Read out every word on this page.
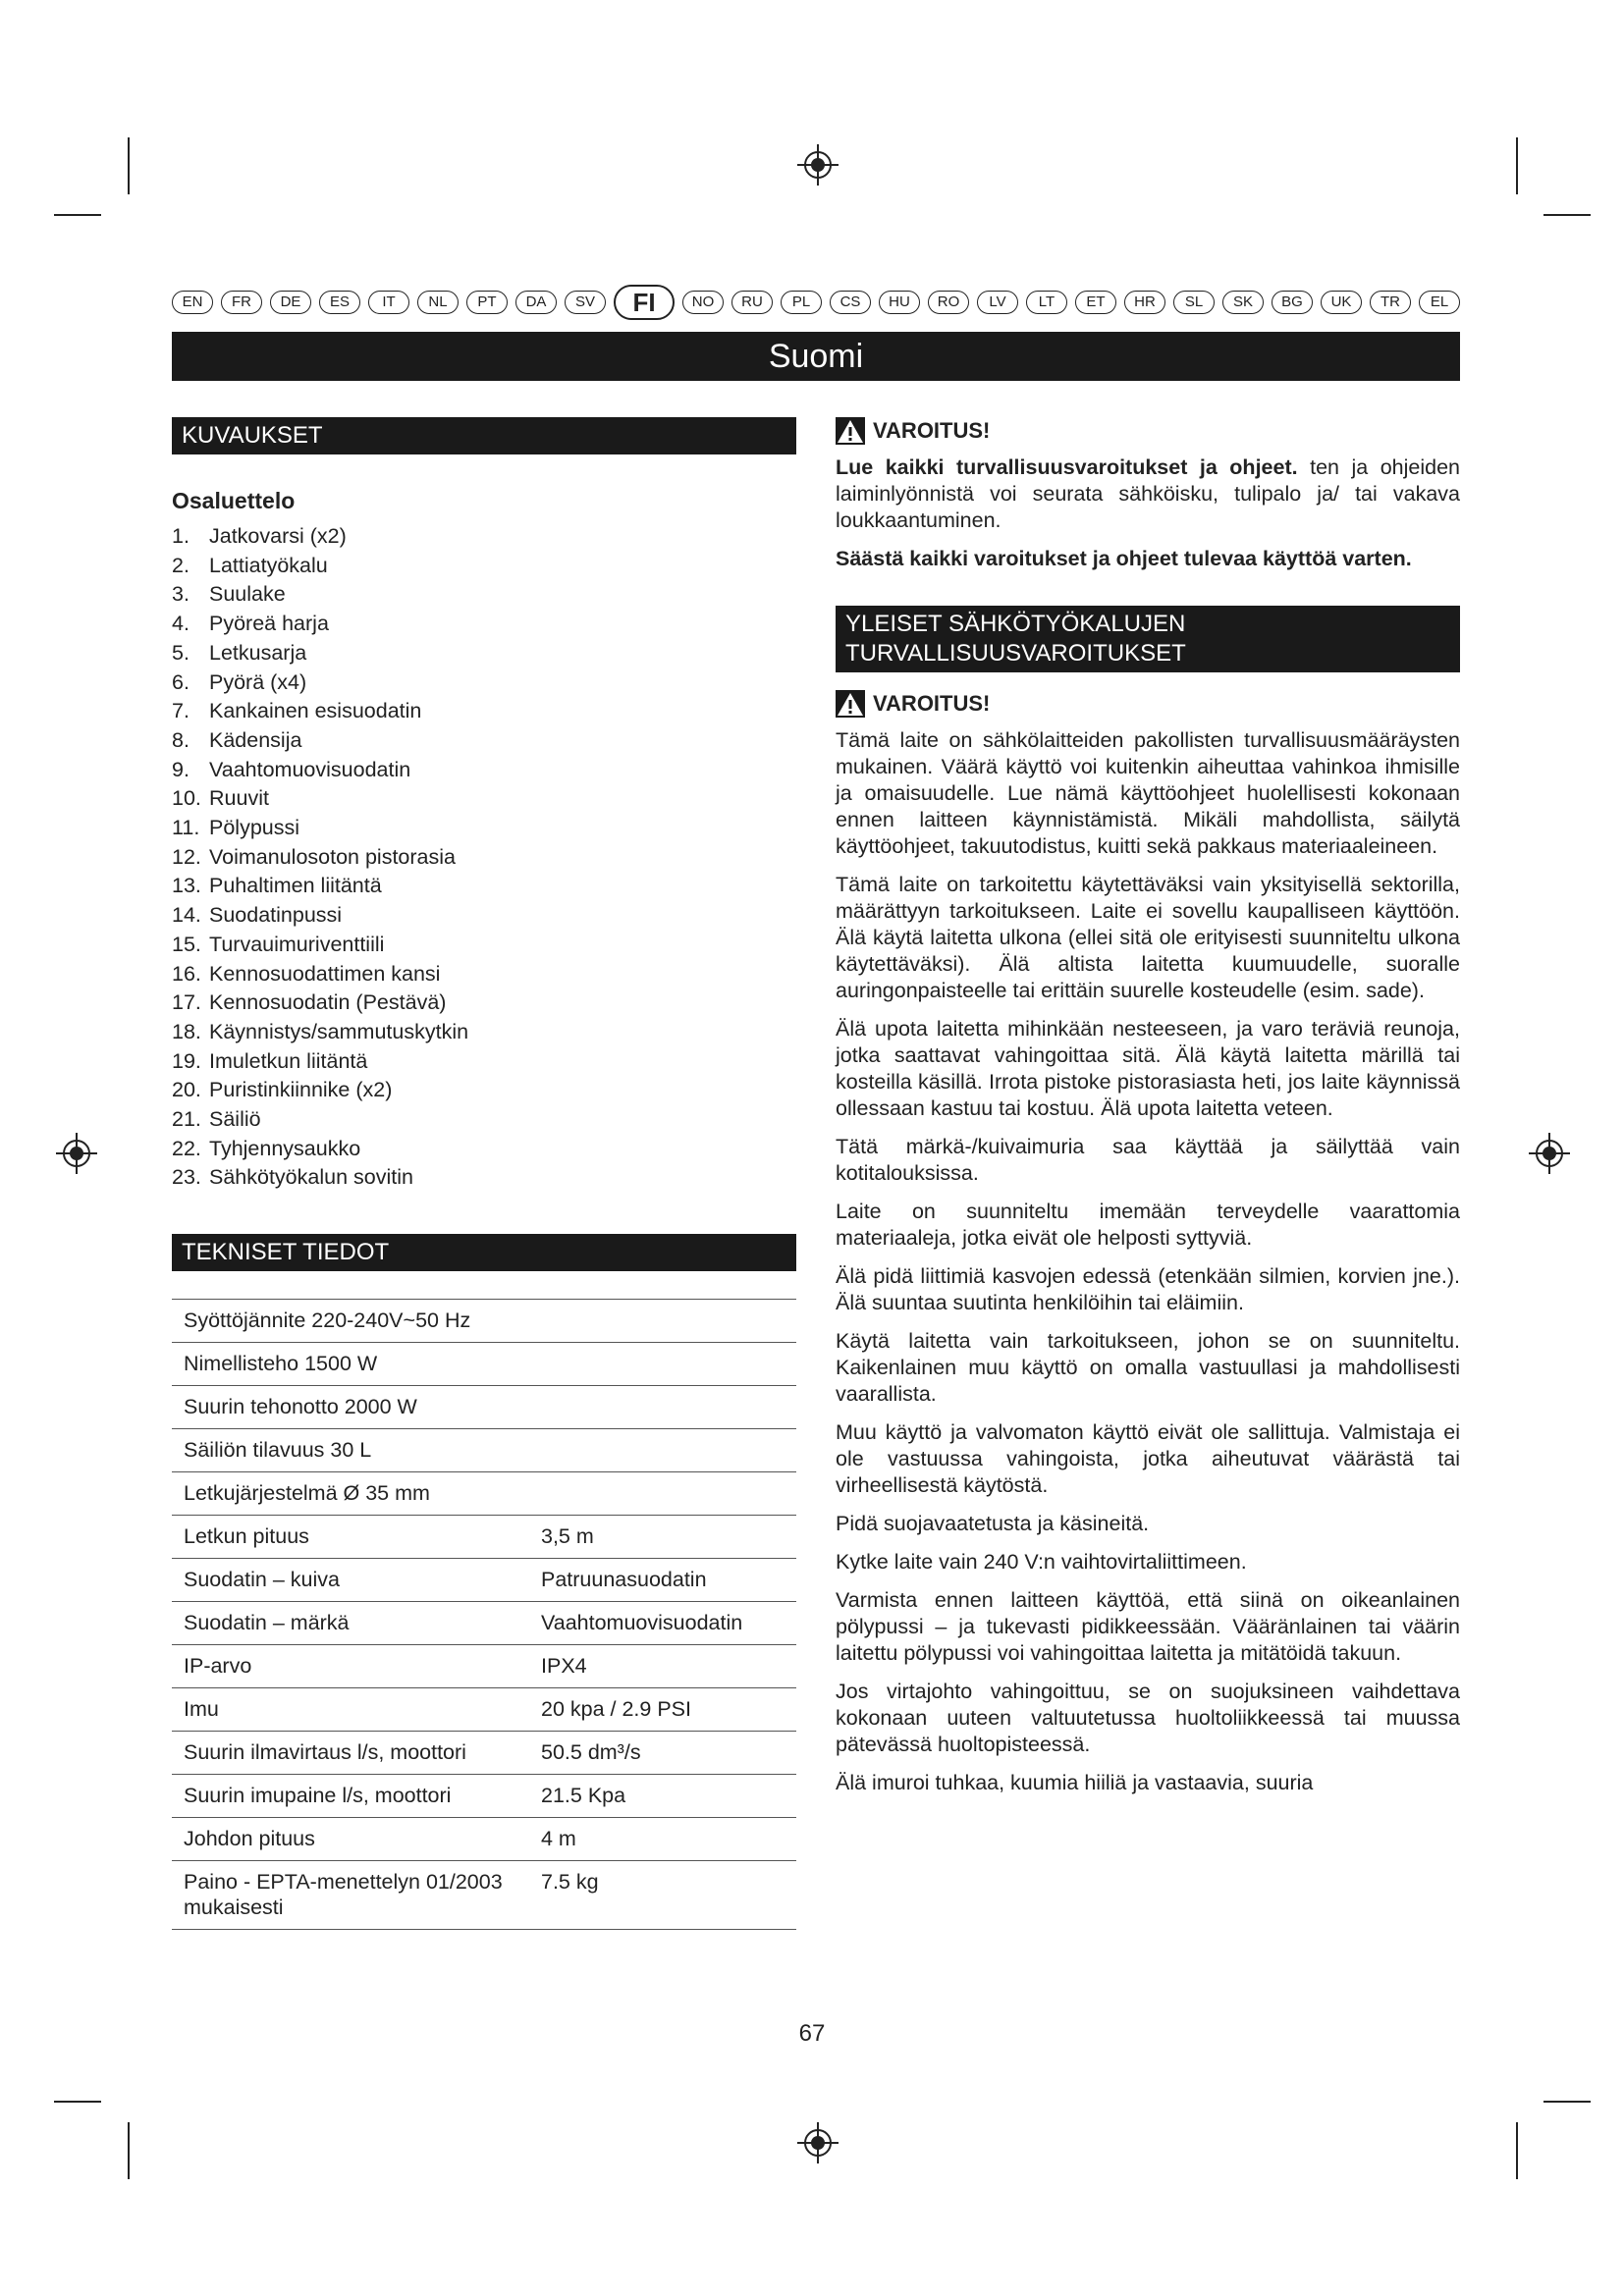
EN	FR	DE	ES	IT	NL	PT	DA	SV	FI	NO	RU	PL	CS	HU	RO	LV	LT	ET	HR	SL	SK	BG	UK	TR	EL
Suomi
KUVAUKSET
Osaluettelo
1. Jatkovarsi (x2)
2. Lattiatyökalu
3. Suulake
4. Pyöreä harja
5. Letkusarja
6. Pyörä (x4)
7. Kankainen esisuodatin
8. Kädensija
9. Vaahtomuovisuodatin
10. Ruuvit
11. Pölypussi
12. Voimanulosoton pistorasia
13. Puhaltimen liitäntä
14. Suodatinpussi
15. Turvauimuriventtiili
16. Kennosuodattimen kansi
17. Kennosuodatin (Pestävä)
18. Käynnistys/sammutuskytkin
19. Imuletkun liitäntä
20. Puristinkiinnike (x2)
21. Säiliö
22. Tyhjennysaukko
23. Sähkötyökalun sovitin
TEKNISET TIEDOT
Syöttöjännite 220-240V~50 Hz	
Nimellisteho 1500 W	
Suurin tehonotto 2000 W	
Säiliön tilavuus 30 L	
Letkujärjestelmä Ø 35 mm	
Letkun pituus	3,5 m
Suodatin – kuiva	Patruunasuodatin
Suodatin – märkä	Vaahtomuovisuodatin
IP-arvo	IPX4
Imu	20 kpa / 2.9 PSI
Suurin ilmavirtaus l/s, moottori	50.5 dm³/s
Suurin imupaine l/s, moottori	21.5 Kpa
Johdon pituus	4 m
Paino - EPTA-menettelyn 01/2003 mukaisesti	7.5 kg
VAROITUS!

Lue kaikki turvallisuusvaroitukset ja ohjeet. ten ja ohjeiden laiminlyönnistä voi seurata sähköisku, tulipalo ja/ tai vakava loukkaantuminen.

Säästä kaikki varoitukset ja ohjeet tulevaa käyttöä varten.

YLEISET SÄHKÖTYÖKALUJEN
TURVALLISUUSVAROITUKSET
VAROITUS!

Tämä laite on sähkölaitteiden pakollisten turvallisuusmääräysten mukainen. Väärä käyttö voi kuitenkin aiheuttaa vahinkoa ihmisille ja omaisuudelle. Lue nämä käyttöohjeet huolellisesti kokonaan ennen laitteen käynnistämistä. Mikäli mahdollista, säilytä käyttöohjeet, takuutodistus, kuitti sekä pakkaus materiaaleineen.

Tämä laite on tarkoitettu käytettäväksi vain yksityisellä sektorilla, määrättyyn tarkoitukseen. Laite ei sovellu kaupalliseen käyttöön. Älä käytä laitetta ulkona (ellei sitä ole erityisesti suunniteltu ulkona käytettäväksi). Älä altista laitetta kuumuudelle, suoralle auringonpaisteelle tai erittäin suurelle kosteudelle (esim. sade).

Älä upota laitetta mihinkään nesteeseen, ja varo teräviä reunoja, jotka saattavat vahingoittaa sitä. Älä käytä laitetta märillä tai kosteilla käsillä. Irrota pistoke pistorasiasta heti, jos laite käynnissä ollessaan kastuu tai kostuu. Älä upota laitetta veteen.

Tätä märkä-/kuivaimuria saa käyttää ja säilyttää vain kotitalouksissa.

Laite on suunniteltu imemään terveydelle vaarattomia materiaaleja, jotka eivät ole helposti syttyviä.

Älä pidä liittimiä kasvojen edessä (etenkään silmien, korvien jne.). Älä suuntaa suutinta henkilöihin tai eläimiin.

Käytä laitetta vain tarkoitukseen, johon se on suunniteltu. Kaikenlainen muu käyttö on omalla vastuullasi ja mahdollisesti vaarallista.

Muu käyttö ja valvomaton käyttö eivät ole sallittuja. Valmistaja ei ole vastuussa vahingoista, jotka aiheutuvat väärästä tai virheellisestä käytöstä.

Pidä suojavaatetusta ja käsineitä.

Kytke laite vain 240 V:n vaihtovirtaliittimeen.

Varmista ennen laitteen käyttöä, että siinä on oikeanlainen pölypussi – ja tukevasti pidikkeessään. Vääränlainen tai väärin laitettu pölypussi voi vahingoittaa laitetta ja mitätöidä takuun.

Jos virtajohto vahingoittuu, se on suojuksineen vaihdettava kokonaan uuteen valtuutetussa huoltoliikkeessä tai muussa pätevässä huoltopisteessä.

Älä imuroi tuhkaa, kuumia hiiliä ja vastaavia, suuria

67
